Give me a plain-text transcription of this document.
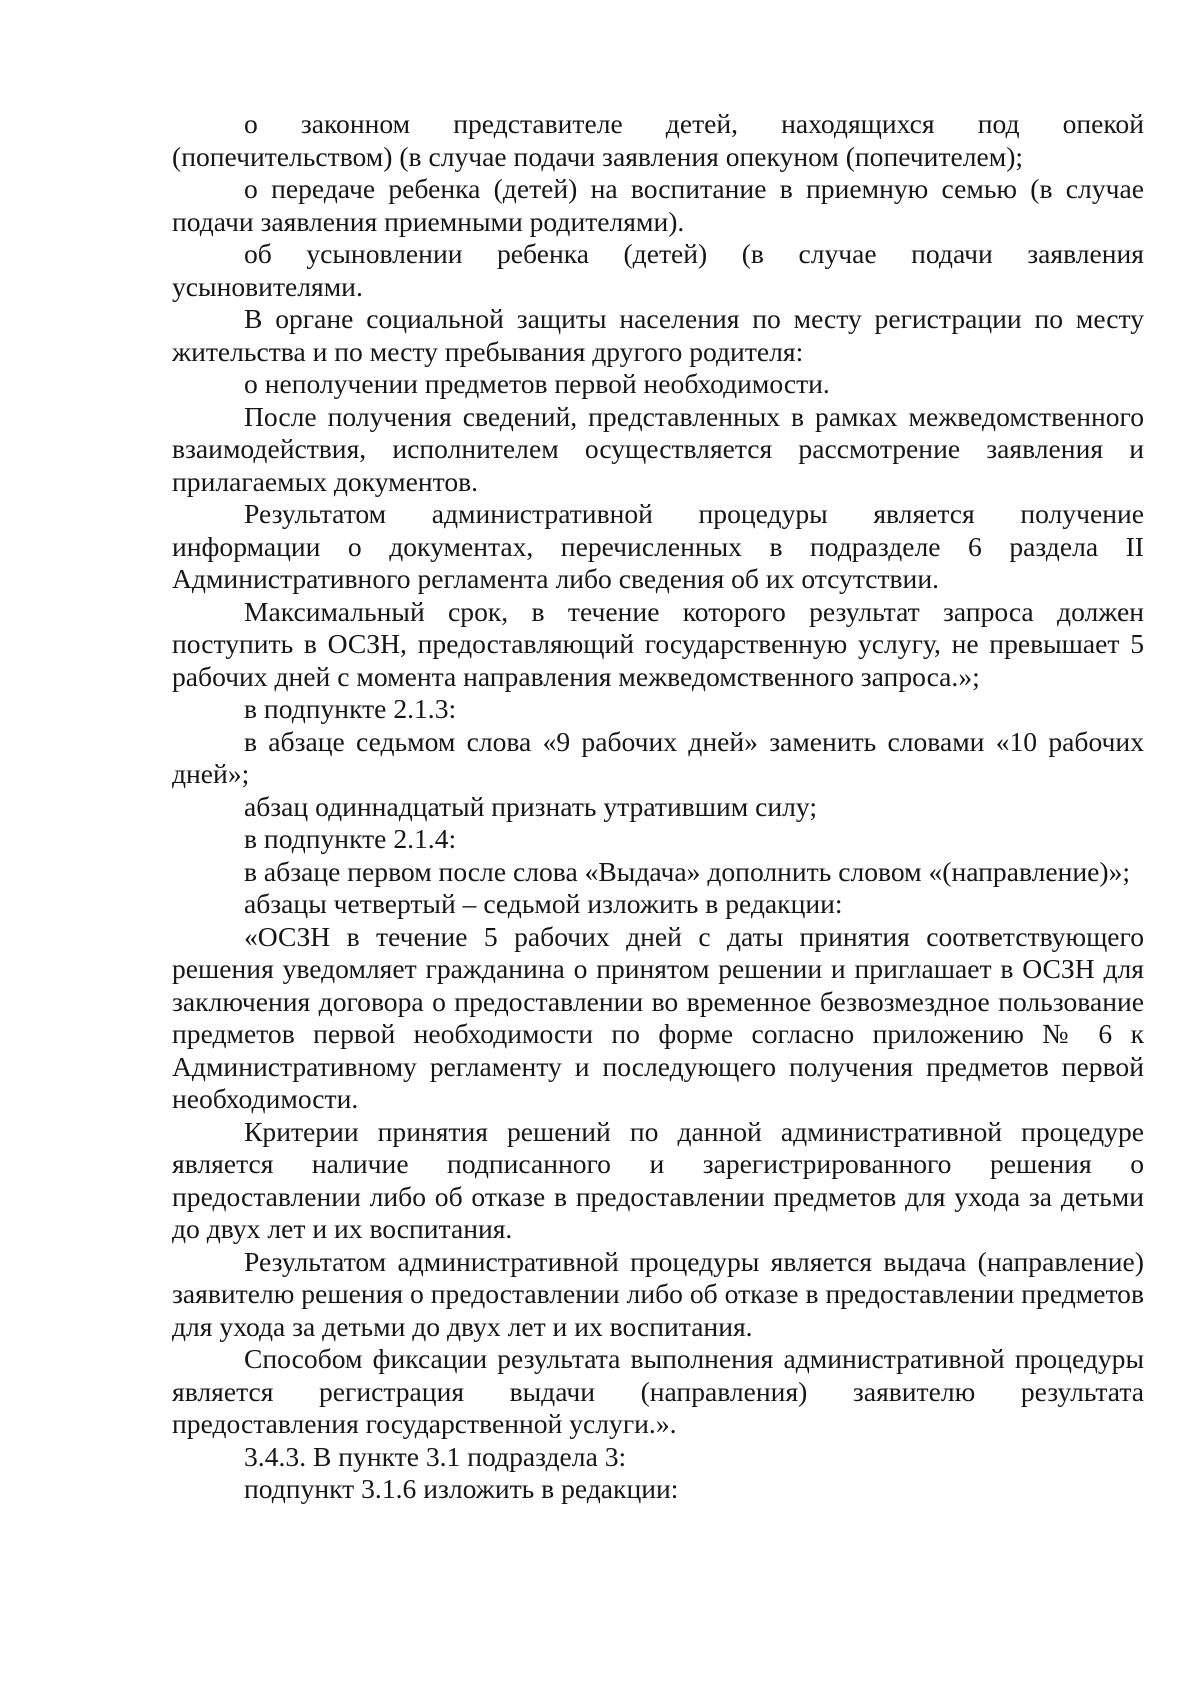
о законном представителе детей, находящихся под опекой (попечительством) (в случае подачи заявления опекуном (попечителем);

о передаче ребенка (детей) на воспитание в приемную семью (в случае подачи заявления приемными родителями).

об усыновлении ребенка (детей) (в случае подачи заявления усыновителями.

В органе социальной защиты населения по месту регистрации по месту жительства и по месту пребывания другого родителя:

о неполучении предметов первой необходимости.

После получения сведений, представленных в рамках межведомственного взаимодействия, исполнителем осуществляется рассмотрение заявления и прилагаемых документов.

Результатом административной процедуры является получение информации о документах, перечисленных в подразделе 6 раздела II Административного регламента либо сведения об их отсутствии.

Максимальный срок, в течение которого результат запроса должен поступить в ОСЗН, предоставляющий государственную услугу, не превышает 5 рабочих дней с момента направления межведомственного запроса.»;

в подпункте 2.1.3:

в абзаце седьмом слова «9 рабочих дней» заменить словами «10 рабочих дней»;

абзац одиннадцатый признать утратившим силу;

в подпункте 2.1.4:

в абзаце первом после слова «Выдача» дополнить словом «(направление)»;

абзацы четвертый – седьмой изложить в редакции:

«ОСЗН в течение 5 рабочих дней с даты принятия соответствующего решения уведомляет гражданина о принятом решении и приглашает в ОСЗН для заключения договора о предоставлении во временное безвозмездное пользование предметов первой необходимости по форме согласно приложению № 6 к Административному регламенту и последующего получения предметов первой необходимости.

Критерии принятия решений по данной административной процедуре является наличие подписанного и зарегистрированного решения о предоставлении либо об отказе в предоставлении предметов для ухода за детьми до двух лет и их воспитания.

Результатом административной процедуры является выдача (направление) заявителю решения о предоставлении либо об отказе в предоставлении предметов для ухода за детьми до двух лет и их воспитания.

Способом фиксации результата выполнения административной процедуры является регистрация выдачи (направления) заявителю результата предоставления государственной услуги.».

3.4.3. В пункте 3.1 подраздела 3:

подпункт 3.1.6 изложить в редакции:
